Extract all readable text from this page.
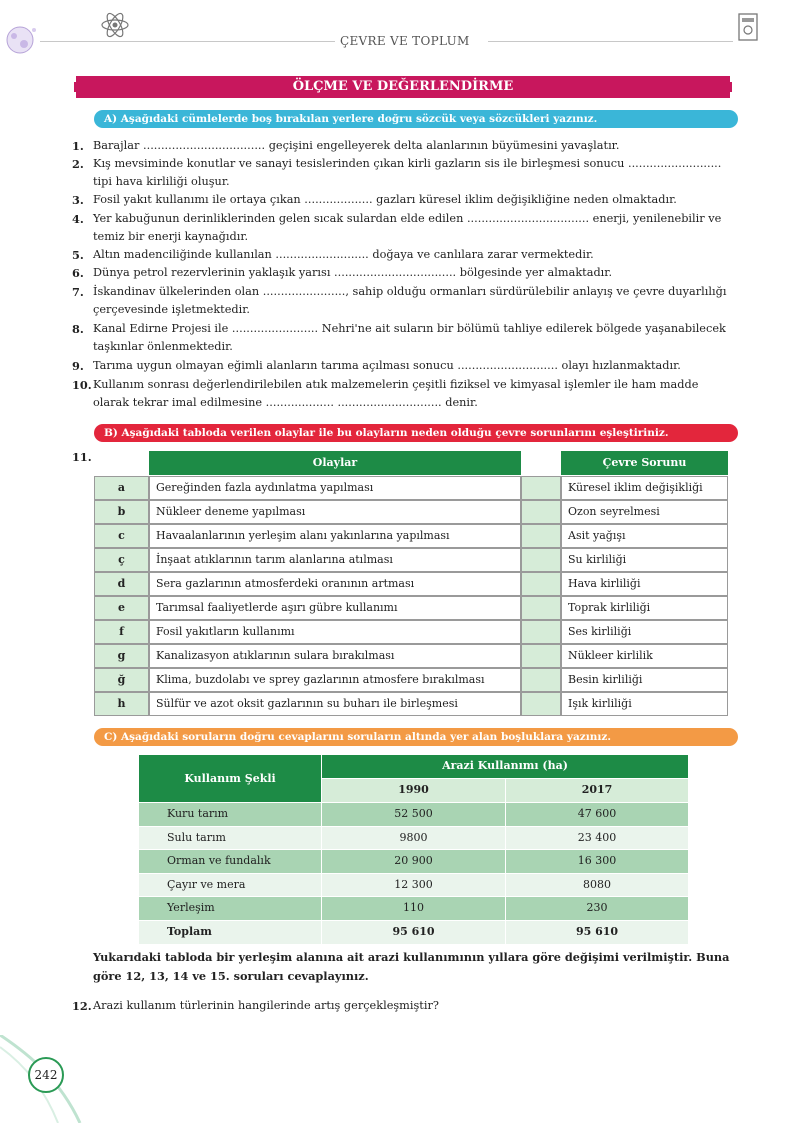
ÇEVRE VE TOPLUM
ÖLÇME VE DEĞERLENDİRME
A) Aşağıdaki cümlelerde boş bırakılan yerlere doğru sözcük veya sözcükleri yazınız.
1. Barajlar .................................. geçişini engelleyerek delta alanlarının büyümesini yavaşlatır.
2. Kış mevsiminde konutlar ve sanayi tesislerinden çıkan kirli gazların sis ile birleşmesi sonucu .......................... tipi hava kirliliği oluşur.
3. Fosil yakıt kullanımı ile ortaya çıkan ................... gazları küresel iklim değişikliğine neden olmaktadır.
4. Yer kabuğunun derinliklerinden gelen sıcak sulardan elde edilen .................................. enerji, yenilenebilir ve temiz bir enerji kaynağıdır.
5. Altın madenciliğinde kullanılan .......................... doğaya ve canlılara zarar vermektedir.
6. Dünya petrol rezervlerinin yaklaşık yarısı .................................. bölgesinde yer almaktadır.
7. İskandinav ülkelerinden olan ......................., sahip olduğu ormanları sürdürülebilir anlayış ve çevre duyarlılığı çerçevesinde işletmektedir.
8. Kanal Edirne Projesi ile ........................ Nehri'ne ait suların bir bölümü tahliye edilerek bölgede yaşanabilecek taşkınlar önlenmektedir.
9. Tarıma uygun olmayan eğimli alanların tarıma açılması sonucu ............................ olayı hızlanmaktadır.
10. Kullanım sonrası değerlendirilebilen atık malzemelerin çeşitli fiziksel ve kimyasal işlemler ile ham madde olarak tekrar imal edilmesine ................... ............................. denir.
B) Aşağıdaki tabloda verilen olaylar ile bu olayların neden olduğu çevre sorunlarını eşleştiriniz.
11.	Olaylar	Çevre Sorunu
a	Gereğinden fazla aydınlatma yapılması	Küresel iklim değişikliği
b	Nükleer deneme yapılması	Ozon seyrelmesi
c	Havaalanlarının yerleşim alanı yakınlarına yapılması	Asit yağışı
ç	İnşaat atıklarının tarım alanlarına atılması	Su kirliliği
d	Sera gazlarının atmosferdeki oranının artması	Hava kirliliği
e	Tarımsal faaliyetlerde aşırı gübre kullanımı	Toprak kirliliği
f	Fosil yakıtların kullanımı	Ses kirliliği
g	Kanalizasyon atıklarının sulara bırakılması	Nükleer kirlilik
ğ	Klima, buzdolabı ve sprey gazlarının atmosfere bırakılması	Besin kirliliği
h	Sülfür ve azot oksit gazlarının su buharı ile birleşmesi	Işık kirliliği
C) Aşağıdaki soruların doğru cevaplarını soruların altında yer alan boşluklara yazınız.
Kullanım Şekli
Arazi Kullanımı (ha)
1990	2017
Kuru tarım	52 500	47 600
Sulu tarım	9800	23 400
Orman ve fundalık	20 900	16 300
Çayır ve mera	12 300	8080
Yerleşim	110	230
Toplam	95 610	95 610
Yukarıdaki tabloda bir yerleşim alanına ait arazi kullanımının yıllara göre değişimi verilmiştir. Buna göre 12, 13, 14 ve 15. soruları cevaplayınız.
12. Arazi kullanım türlerinin hangilerinde artış gerçekleşmiştir?
242
